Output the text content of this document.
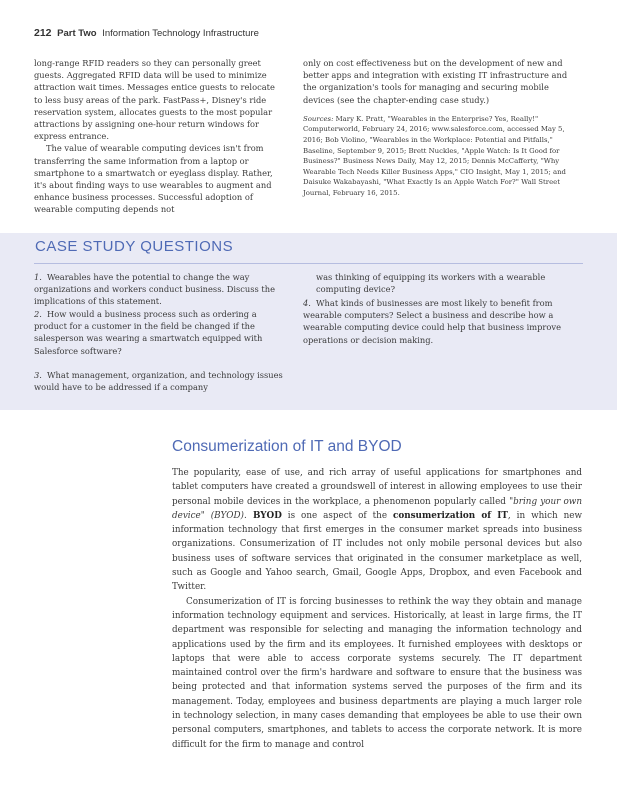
212 Part Two Information Technology Infrastructure

long-range RFID readers so they can personally greet guests. Aggregated RFID data will be used to minimize attraction wait times. Messages entice guests to relocate to less busy areas of the park. FastPass+, Disney's ride reservation system, allocates guests to the most popular attractions by assigning one-hour return windows for express entrance.

The value of wearable computing devices isn't from transferring the same information from a laptop or smartphone to a smartwatch or eyeglass display. Rather, it's about finding ways to use wearables to augment and enhance business processes. Successful adoption of wearable computing depends not

only on cost effectiveness but on the development of new and better apps and integration with existing IT infrastructure and the organization's tools for managing and securing mobile devices (see the chapter-ending case study.)

Sources: Mary K. Pratt, "Wearables in the Enterprise? Yes, Really!" Computerworld, February 24, 2016; www.salesforce.com, accessed May 5, 2016; Bob Violino, "Wearables in the Workplace: Potential and Pitfalls," Baseline, September 9, 2015; Brett Nuckles, "Apple Watch: Is It Good for Business?" Business News Daily, May 12, 2015; Dennis McCafferty, "Why Wearable Tech Needs Killer Business Apps," CIO Insight, May 1, 2015; and Daisuke Wakabayashi, "What Exactly Is an Apple Watch For?" Wall Street Journal, February 16, 2015.

CASE STUDY QUESTIONS
1. Wearables have the potential to change the way organizations and workers conduct business. Discuss the implications of this statement.
2. How would a business process such as ordering a product for a customer in the field be changed if the salesperson was wearing a smartwatch equipped with Salesforce software?
3. What management, organization, and technology issues would have to be addressed if a company
was thinking of equipping its workers with a wearable computing device?
4. What kinds of businesses are most likely to benefit from wearable computers? Select a business and describe how a wearable computing device could help that business improve operations or decision making.
Consumerization of IT and BYOD

The popularity, ease of use, and rich array of useful applications for smartphones and tablet computers have created a groundswell of interest in allowing employees to use their personal mobile devices in the workplace, a phenomenon popularly called "bring your own device" (BYOD). BYOD is one aspect of the consumerization of IT, in which new information technology that first emerges in the consumer market spreads into business organizations. Consumerization of IT includes not only mobile personal devices but also business uses of software services that originated in the consumer marketplace as well, such as Google and Yahoo search, Gmail, Google Apps, Dropbox, and even Facebook and Twitter.

Consumerization of IT is forcing businesses to rethink the way they obtain and manage information technology equipment and services. Historically, at least in large firms, the IT department was responsible for selecting and managing the information technology and applications used by the firm and its employees. It furnished employees with desktops or laptops that were able to access corporate systems securely. The IT department maintained control over the firm's hardware and software to ensure that the business was being protected and that information systems served the purposes of the firm and its management. Today, employees and business departments are playing a much larger role in technology selection, in many cases demanding that employees be able to use their own personal computers, smartphones, and tablets to access the corporate network. It is more difficult for the firm to manage and control
